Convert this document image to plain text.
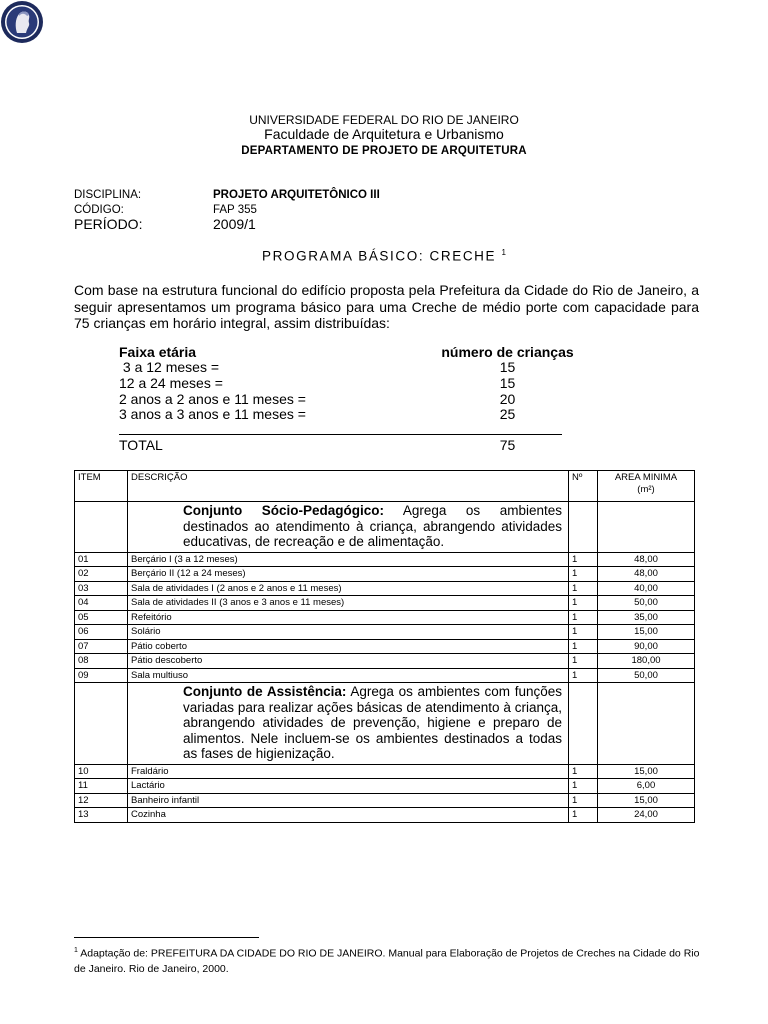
UNIVERSIDADE FEDERAL DO RIO DE JANEIRO
Faculdade de Arquitetura e Urbanismo
DEPARTAMENTO DE PROJETO DE ARQUITETURA
DISCIPLINA:	PROJETO ARQUITETÔNICO III
CÓDIGO:	FAP 355
PERÍODO:	2009/1
PROGRAMA BÁSICO: CRECHE $^1$
Com base na estrutura funcional do edifício proposta pela Prefeitura da Cidade do Rio de Janeiro, a seguir apresentamos um programa básico para uma Creche de médio porte com capacidade para 75 crianças em horário integral, assim distribuídas:
Faixa etária	número de crianças
3 a 12 meses =	15
12 a 24 meses =	15
2 anos a 2 anos e 11 meses =	20
3 anos a 3 anos e 11 meses =	25
TOTAL	75
ITEM	DESCRIÇÃO	Nº	AREA MINIMA
(m²)
	Conjunto Sócio-Pedagógico: Agrega os ambientes destinados ao atendimento à criança, abrangendo atividades educativas, de recreação e de alimentação.		
01	Berçário I (3 a 12 meses)	1	48,00
02	Berçário II (12 a 24 meses)	1	48,00
03	Sala de atividades I (2 anos e 2 anos e 11 meses)	1	40,00
04	Sala de atividades II (3 anos e 3 anos e 11 meses)	1	50,00
05	Refeitório	1	35,00
06	Solário	1	15,00
07	Pátio coberto	1	90,00
08	Pátio descoberto	1	180,00
09	Sala multiuso	1	50,00
	Conjunto de Assistência: Agrega os ambientes com funções variadas para realizar ações básicas de atendimento à criança, abrangendo atividades de prevenção, higiene e preparo de alimentos. Nele incluem-se os ambientes destinados a todas as fases de higienização.		
10	Fraldário	1	15,00
11	Lactário	1	6,00
12	Banheiro infantil	1	15,00
13	Cozinha	1	24,00
$^1$ Adaptação de: PREFEITURA DA CIDADE DO RIO DE JANEIRO. Manual para Elaboração de Projetos de Creches na Cidade do Rio de Janeiro. Rio de Janeiro, 2000.
